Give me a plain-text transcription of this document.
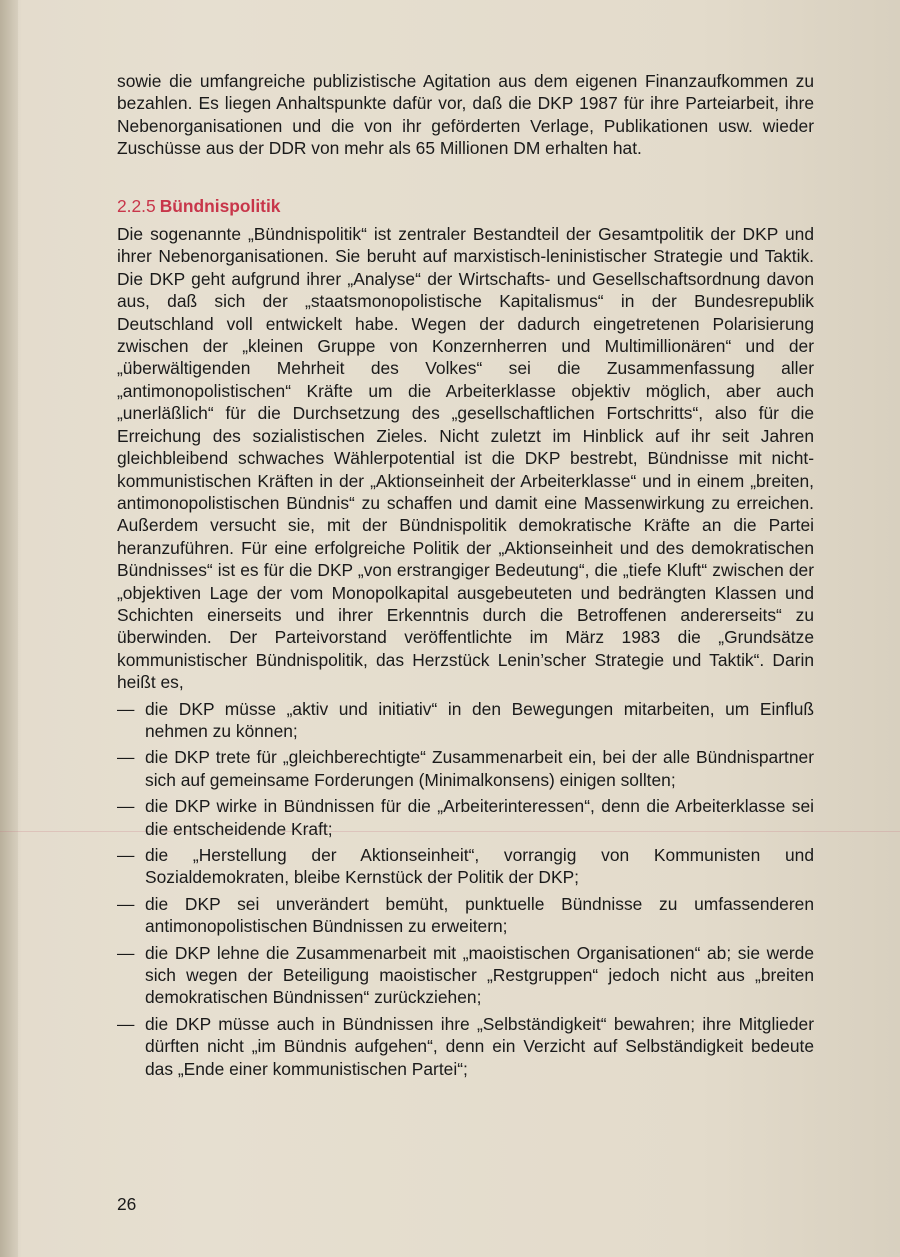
sowie die umfangreiche publizistische Agitation aus dem eigenen Finanzaufkommen zu bezahlen. Es liegen Anhaltspunkte dafür vor, daß die DKP 1987 für ihre Parteiarbeit, ihre Nebenorganisationen und die von ihr geförderten Verlage, Publikationen usw. wieder Zuschüsse aus der DDR von mehr als 65 Millionen DM erhalten hat.

2.2.5 Bündnispolitik

Die sogenannte „Bündnispolitik“ ist zentraler Bestandteil der Gesamtpolitik der DKP und ihrer Nebenorganisationen. Sie beruht auf marxistisch-leninistischer Strategie und Taktik. Die DKP geht aufgrund ihrer „Analyse“ der Wirtschafts- und Gesellschaftsordnung davon aus, daß sich der „staatsmonopolistische Kapitalismus“ in der Bundesrepublik Deutschland voll entwickelt habe. Wegen der dadurch eingetretenen Polarisierung zwischen der „kleinen Gruppe von Konzernherren und Multimillionären“ und der „überwältigenden Mehrheit des Volkes“ sei die Zusammenfassung aller „antimonopolistischen“ Kräfte um die Arbeiterklasse objektiv möglich, aber auch „unerläßlich“ für die Durchsetzung des „gesellschaftlichen Fortschritts“, also für die Erreichung des sozialistischen Zieles. Nicht zuletzt im Hinblick auf ihr seit Jahren gleichbleibend schwaches Wählerpotential ist die DKP bestrebt, Bündnisse mit nicht-kommunistischen Kräften in der „Aktionseinheit der Arbeiterklasse“ und in einem „breiten, antimonopolistischen Bündnis“ zu schaffen und damit eine Massenwirkung zu erreichen. Außerdem versucht sie, mit der Bündnispolitik demokratische Kräfte an die Partei heranzuführen. Für eine erfolgreiche Politik der „Aktionseinheit und des demokratischen Bündnisses“ ist es für die DKP „von erstrangiger Bedeutung“, die „tiefe Kluft“ zwischen der „objektiven Lage der vom Monopolkapital ausgebeuteten und bedrängten Klassen und Schichten einerseits und ihrer Erkenntnis durch die Betroffenen andererseits“ zu überwinden. Der Parteivorstand veröffentlichte im März 1983 die „Grundsätze kommunistischer Bündnispolitik, das Herzstück Lenin’scher Strategie und Taktik“. Darin heißt es,

— die DKP müsse „aktiv und initiativ“ in den Bewegungen mitarbeiten, um Einfluß nehmen zu können;
— die DKP trete für „gleichberechtigte“ Zusammenarbeit ein, bei der alle Bündnispartner sich auf gemeinsame Forderungen (Minimalkonsens) einigen sollten;
— die DKP wirke in Bündnissen für die „Arbeiterinteressen“, denn die Arbeiterklasse sei die entscheidende Kraft;
— die „Herstellung der Aktionseinheit“, vorrangig von Kommunisten und Sozialdemokraten, bleibe Kernstück der Politik der DKP;
— die DKP sei unverändert bemüht, punktuelle Bündnisse zu umfassenderen antimonopolistischen Bündnissen zu erweitern;
— die DKP lehne die Zusammenarbeit mit „maoistischen Organisationen“ ab; sie werde sich wegen der Beteiligung maoistischer „Restgruppen“ jedoch nicht aus „breiten demokratischen Bündnissen“ zurückziehen;
— die DKP müsse auch in Bündnissen ihre „Selbständigkeit“ bewahren; ihre Mitglieder dürften nicht „im Bündnis aufgehen“, denn ein Verzicht auf Selbständigkeit bedeute das „Ende einer kommunistischen Partei“;
26
